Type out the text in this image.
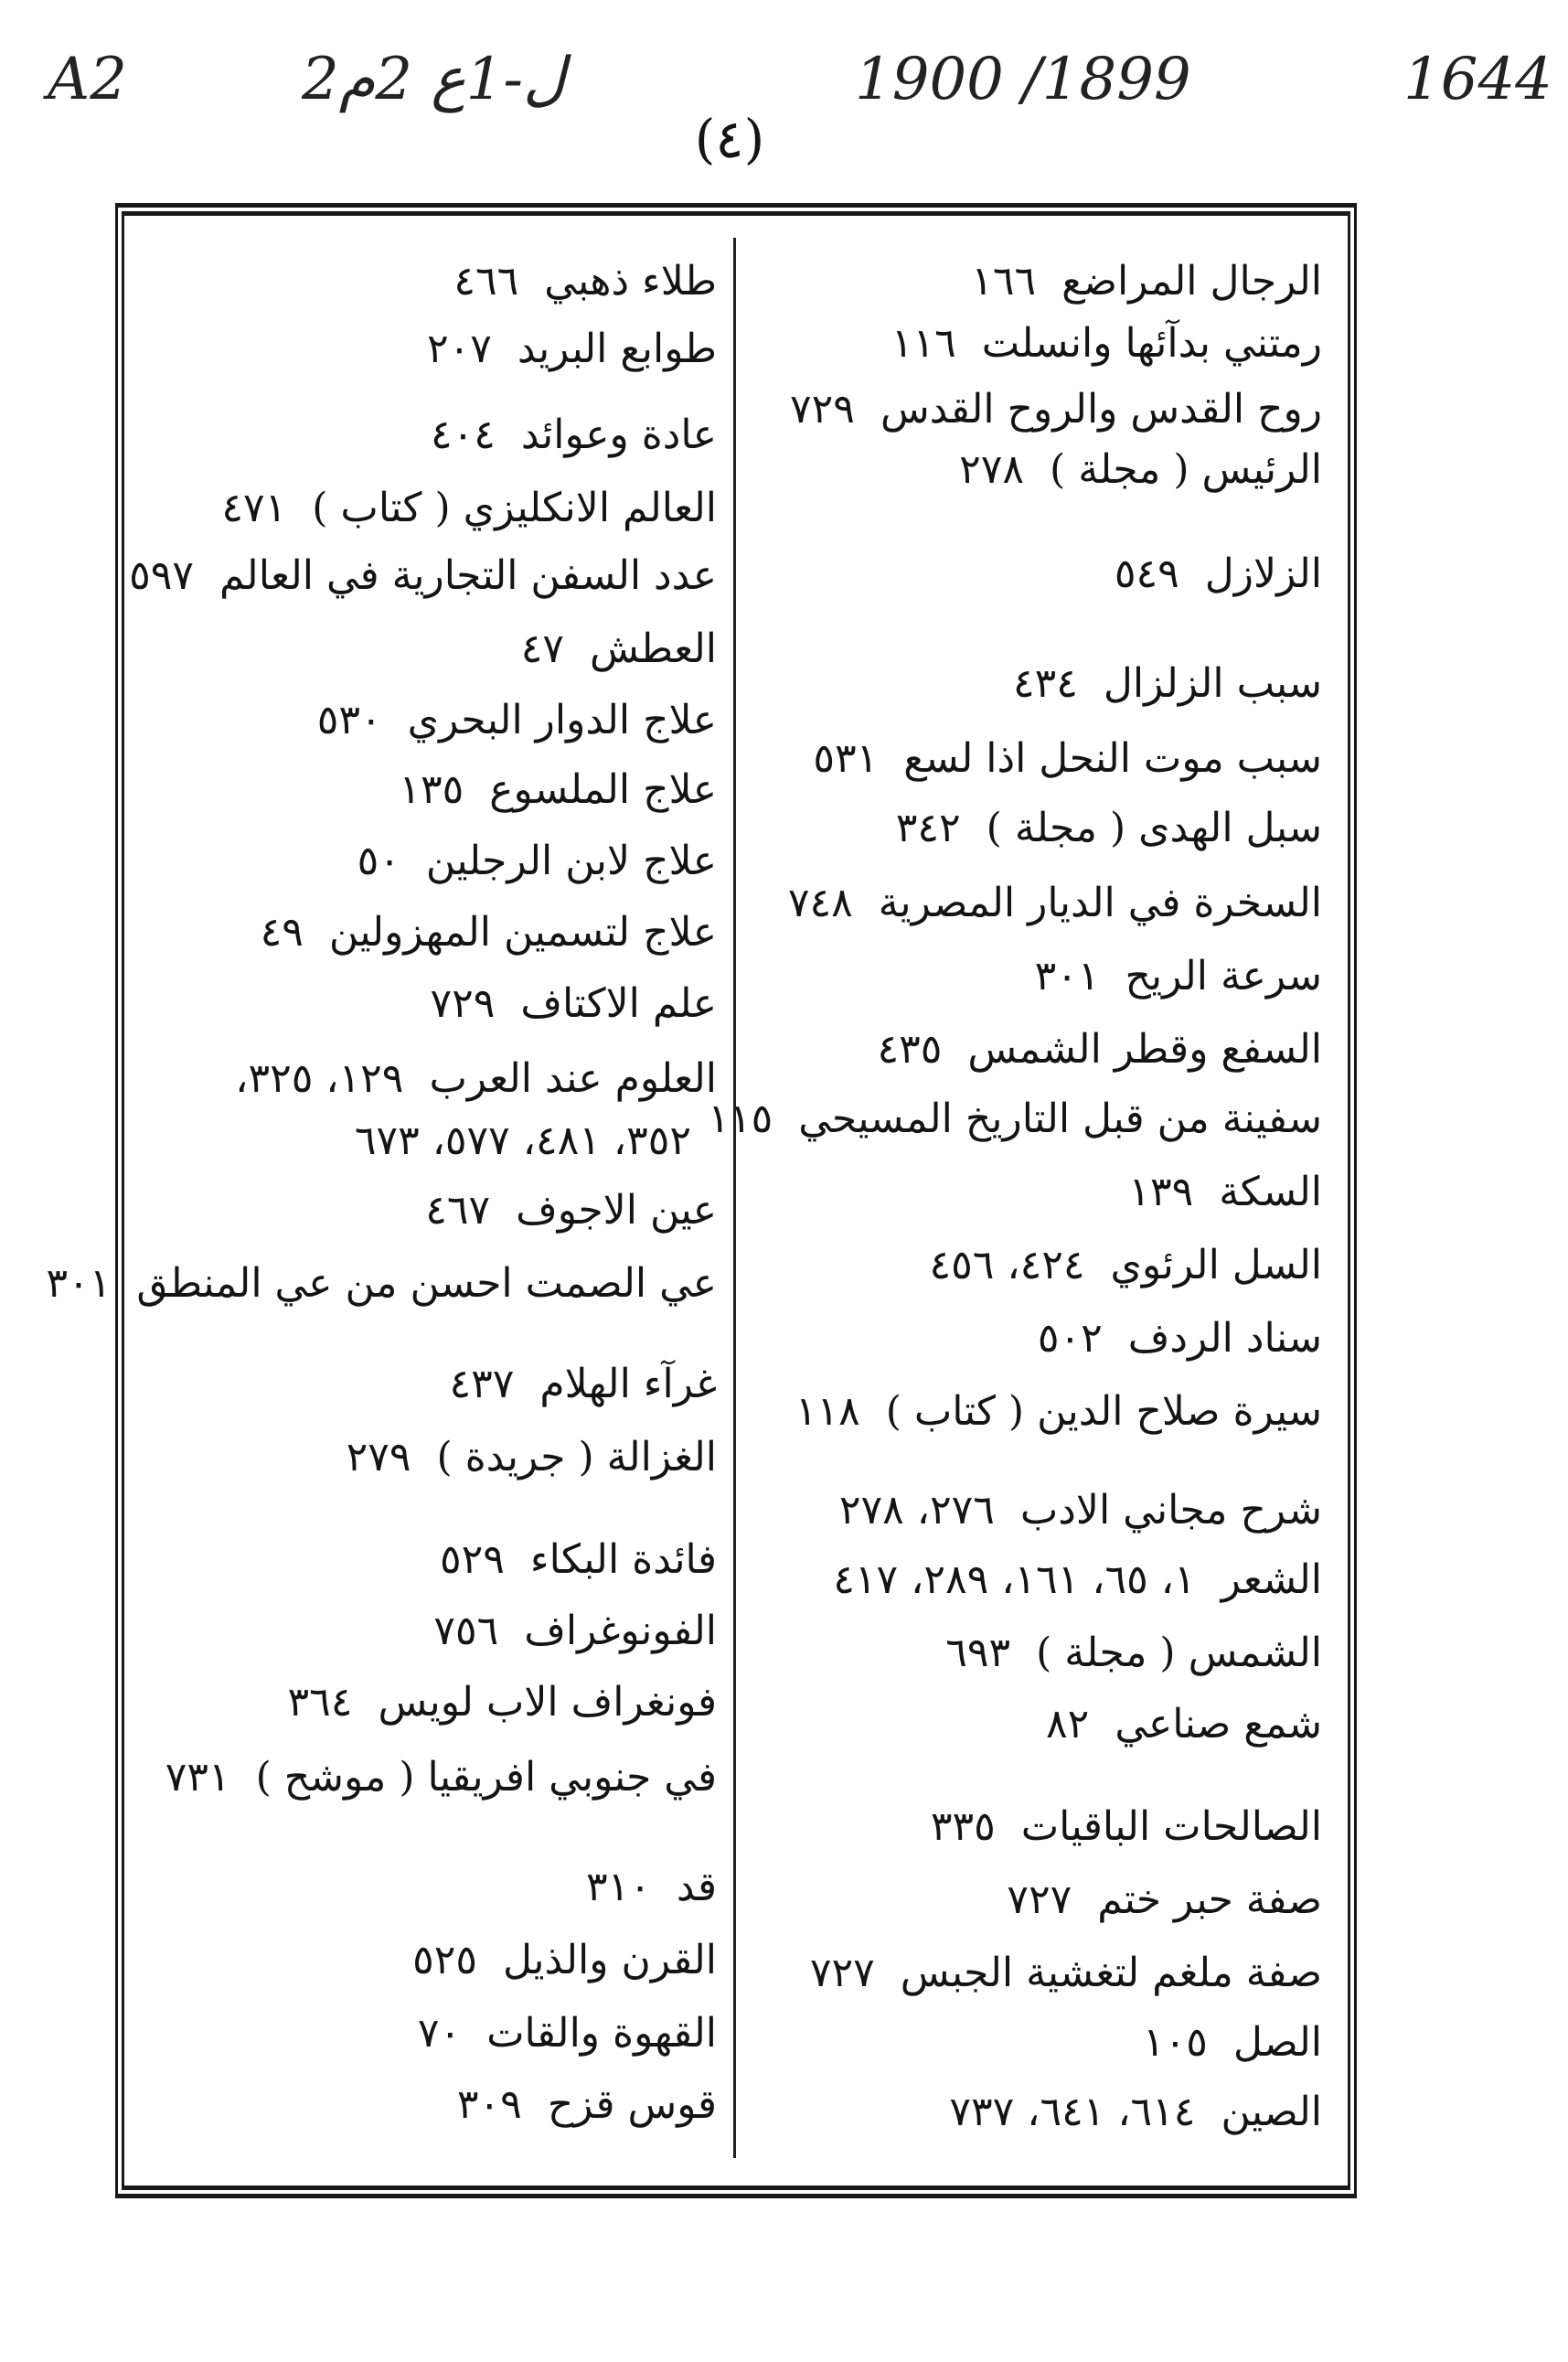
A2	2ل-1ع 2م	1900 /1899	1644
(٤)
الرجال المراضع١٦٦
رمتني بدآئها وانسلت١١٦
روح القدس والروح القدس٧٢٩
الرئيس ( مجلة )٢٧٨
الزلازل٥٤٩
سبب الزلزال٤٣٤
سبب موت النحل اذا لسع٥٣١
سبل الهدى ( مجلة )٣٤٢
السخرة في الديار المصرية٧٤٨
سرعة الريح٣٠١
السفع وقطر الشمس٤٣٥
سفينة من قبل التاريخ المسيحي١١٥
السكة١٣٩
السل الرئوي٤٢٤، ٤٥٦
سناد الردف٥٠٢
سيرة صلاح الدين ( كتاب )١١٨
شرح مجاني الادب٢٧٦، ٢٧٨
الشعر١، ٦٥، ١٦١، ٢٨٩، ٤١٧
الشمس ( مجلة )٦٩٣
شمع صناعي٨٢
الصالحات الباقيات٣٣٥
صفة حبر ختم٧٢٧
صفة ملغم لتغشية الجبس٧٢٧
الصل١٠٥
الصين٦١٤، ٦٤١، ٧٣٧
طلاء ذهبي٤٦٦
طوابع البريد٢٠٧
عادة وعوائد٤٠٤
العالم الانكليزي ( كتاب )٤٧١
عدد السفن التجارية في العالم٥٩٧
العطش٤٧
علاج الدوار البحري٥٣٠
علاج الملسوع١٣٥
علاج لابن الرجلين٥٠
علاج لتسمين المهزولين٤٩
علم الاكتاف٧٢٩
العلوم عند العرب١٢٩، ٣٢٥،
٣٥٢، ٤٨١، ٥٧٧، ٦٧٣
عين الاجوف٤٦٧
عي الصمت احسن من عي المنطق٣٠١
غرآء الهلام٤٣٧
الغزالة ( جريدة )٢٧٩
فائدة البكاء٥٢٩
الفونوغراف٧٥٦
فونغراف الاب لويس٣٦٤
في جنوبي افريقيا ( موشح )٧٣١
قد٣١٠
القرن والذيل٥٢٥
القهوة والقات٧٠
قوس قزح٣٠٩
